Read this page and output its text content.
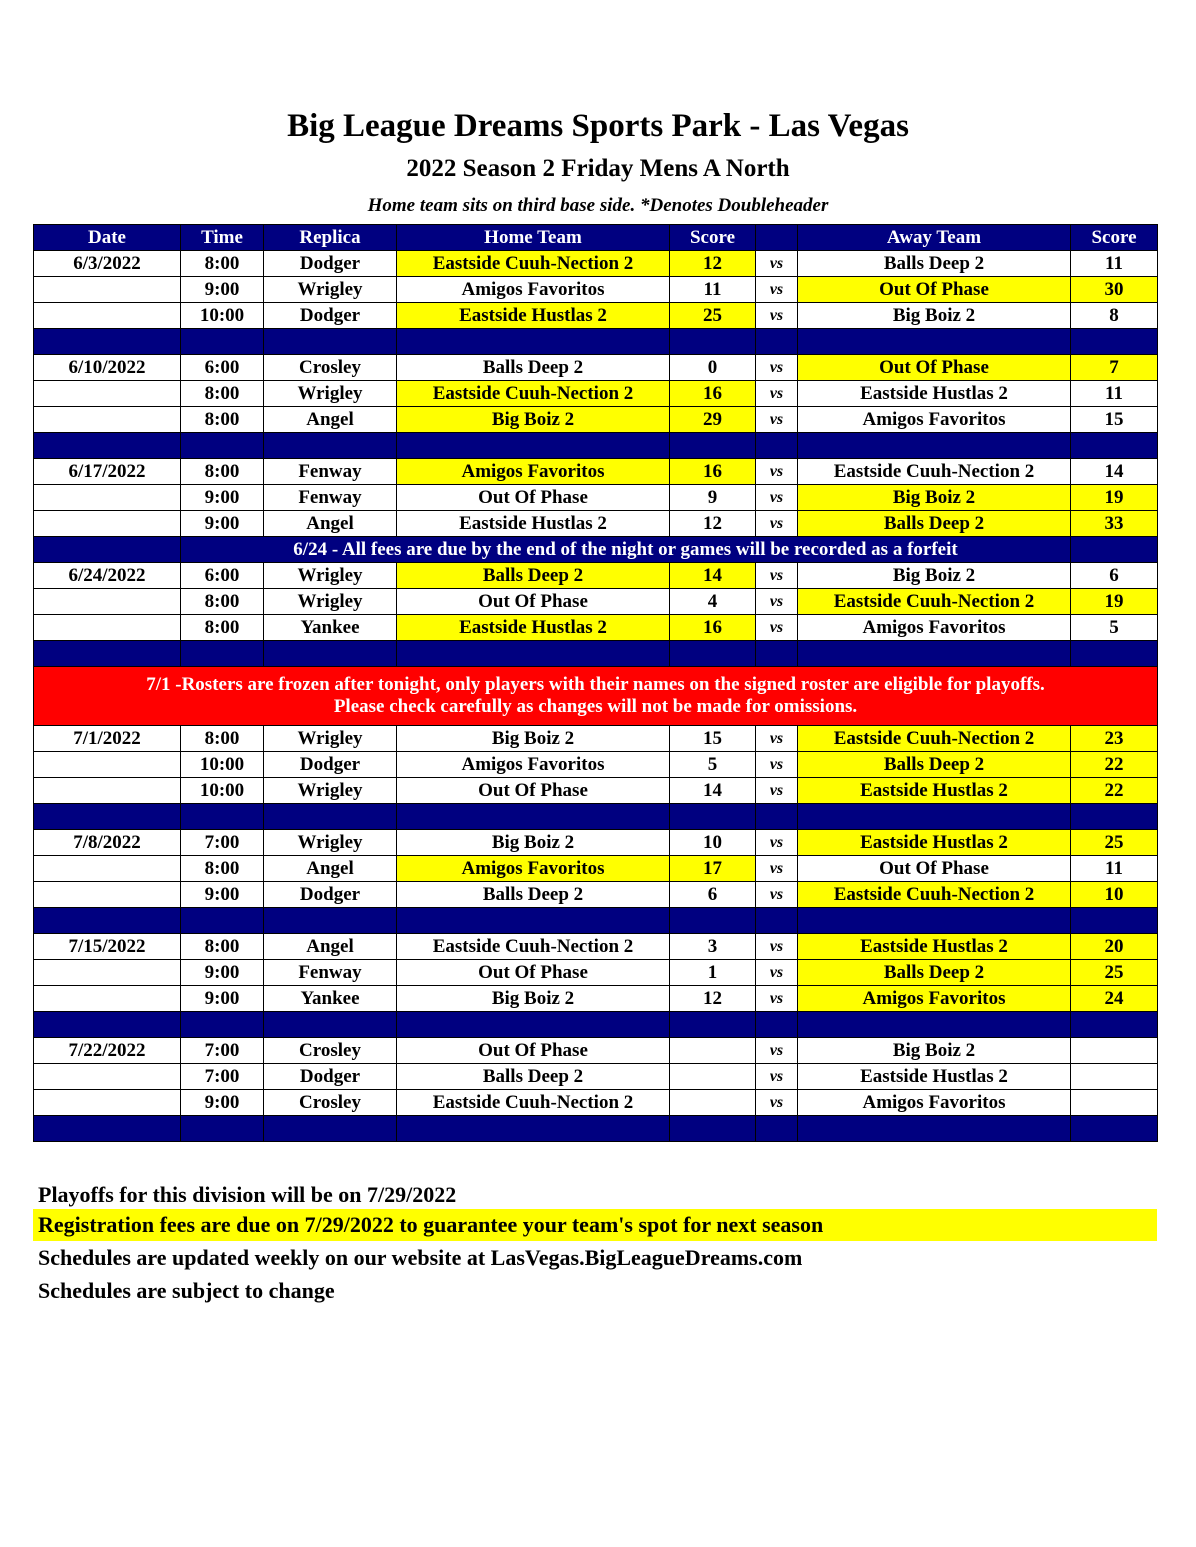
Big League Dreams Sports Park - Las Vegas
2022 Season 2 Friday Mens A North
Home team sits on third base side. *Denotes Doubleheader
Date	Time	Replica	Home Team	Score		Away Team	Score
6/3/2022	8:00	Dodger	Eastside Cuuh-Nection 2	12	vs	Balls Deep 2	11
	9:00	Wrigley	Amigos Favoritos	11	vs	Out Of Phase	30
	10:00	Dodger	Eastside Hustlas 2	25	vs	Big Boiz 2	8

6/10/2022	6:00	Crosley	Balls Deep 2	0	vs	Out Of Phase	7
	8:00	Wrigley	Eastside Cuuh-Nection 2	16	vs	Eastside Hustlas 2	11
	8:00	Angel	Big Boiz 2	29	vs	Amigos Favoritos	15

6/17/2022	8:00	Fenway	Amigos Favoritos	16	vs	Eastside Cuuh-Nection 2	14
	9:00	Fenway	Out Of Phase	9	vs	Big Boiz 2	19
	9:00	Angel	Eastside Hustlas 2	12	vs	Balls Deep 2	33
	6/24 - All fees are due by the end of the night or games will be recorded as a forfeit						
6/24/2022	6:00	Wrigley	Balls Deep 2	14	vs	Big Boiz 2	6
	8:00	Wrigley	Out Of Phase	4	vs	Eastside Cuuh-Nection 2	19
	8:00	Yankee	Eastside Hustlas 2	16	vs	Amigos Favoritos	5

7/1 -Rosters are frozen after tonight, only players with their names on the signed roster are eligible for playoffs.
Please check carefully as changes will not be made for omissions.							

7/1/2022	8:00	Wrigley	Big Boiz 2	15	vs	Eastside Cuuh-Nection 2	23
	10:00	Dodger	Amigos Favoritos	5	vs	Balls Deep 2	22
	10:00	Wrigley	Out Of Phase	14	vs	Eastside Hustlas 2	22

7/8/2022	7:00	Wrigley	Big Boiz 2	10	vs	Eastside Hustlas 2	25
	8:00	Angel	Amigos Favoritos	17	vs	Out Of Phase	11
	9:00	Dodger	Balls Deep 2	6	vs	Eastside Cuuh-Nection 2	10

7/15/2022	8:00	Angel	Eastside Cuuh-Nection 2	3	vs	Eastside Hustlas 2	20
	9:00	Fenway	Out Of Phase	1	vs	Balls Deep 2	25
	9:00	Yankee	Big Boiz 2	12	vs	Amigos Favoritos	24

7/22/2022	7:00	Crosley	Out Of Phase		vs	Big Boiz 2	
	7:00	Dodger	Balls Deep 2		vs	Eastside Hustlas 2	
	9:00	Crosley	Eastside Cuuh-Nection 2		vs	Amigos Favoritos	

Playoffs for this division will be on 7/29/2022
Registration fees are due on 7/29/2022 to guarantee your team's spot for next season
Schedules are updated weekly on our website at LasVegas.BigLeagueDreams.com
Schedules are subject to change
